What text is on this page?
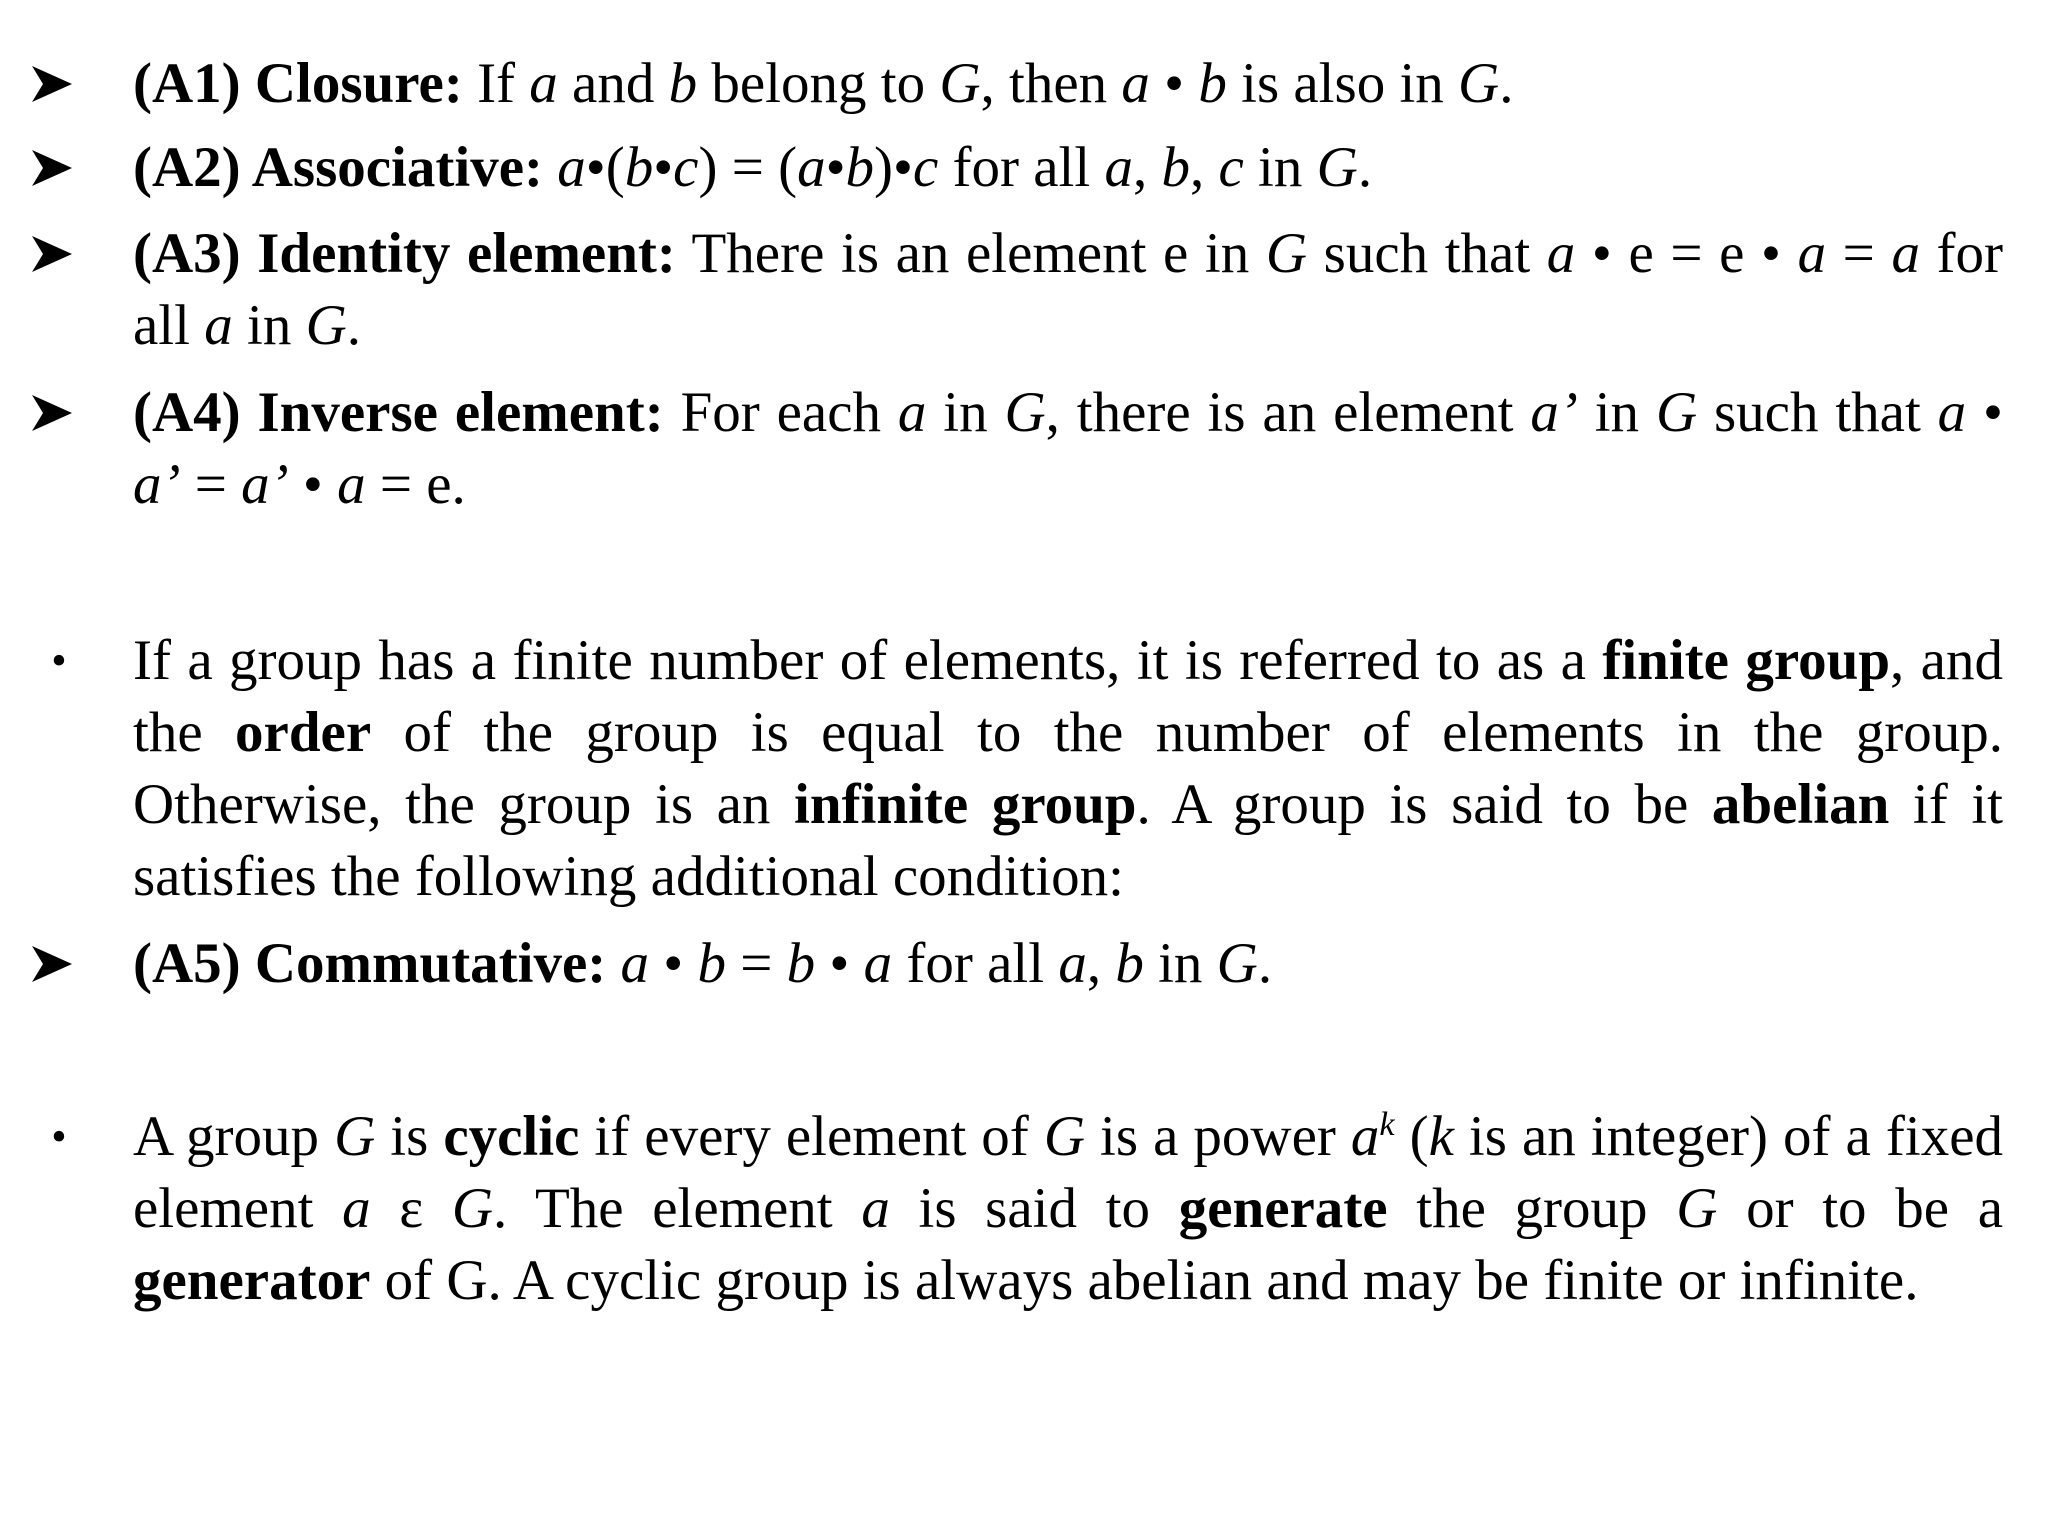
(A1) Closure: If a and b belong to G, then a • b is also in G.
(A2) Associative: a•(b•c) = (a•b)•c for all a, b, c in G.
(A3) Identity element: There is an element e in G such that a • e = e • a = a for all a in G.
(A4) Inverse element: For each a in G, there is an element a’ in G such that a • a’ = a’ • a = e.
• If a group has a finite number of elements, it is referred to as a finite group, and the order of the group is equal to the number of elements in the group. Otherwise, the group is an infinite group. A group is said to be abelian if it satisfies the following additional condition:
(A5) Commutative: a • b = b • a for all a, b in G.
• A group G is cyclic if every element of G is a power $a^k$ (k is an integer) of a fixed element a ε G. The element a is said to generate the group G or to be a generator of G. A cyclic group is always abelian and may be finite or infinite.
